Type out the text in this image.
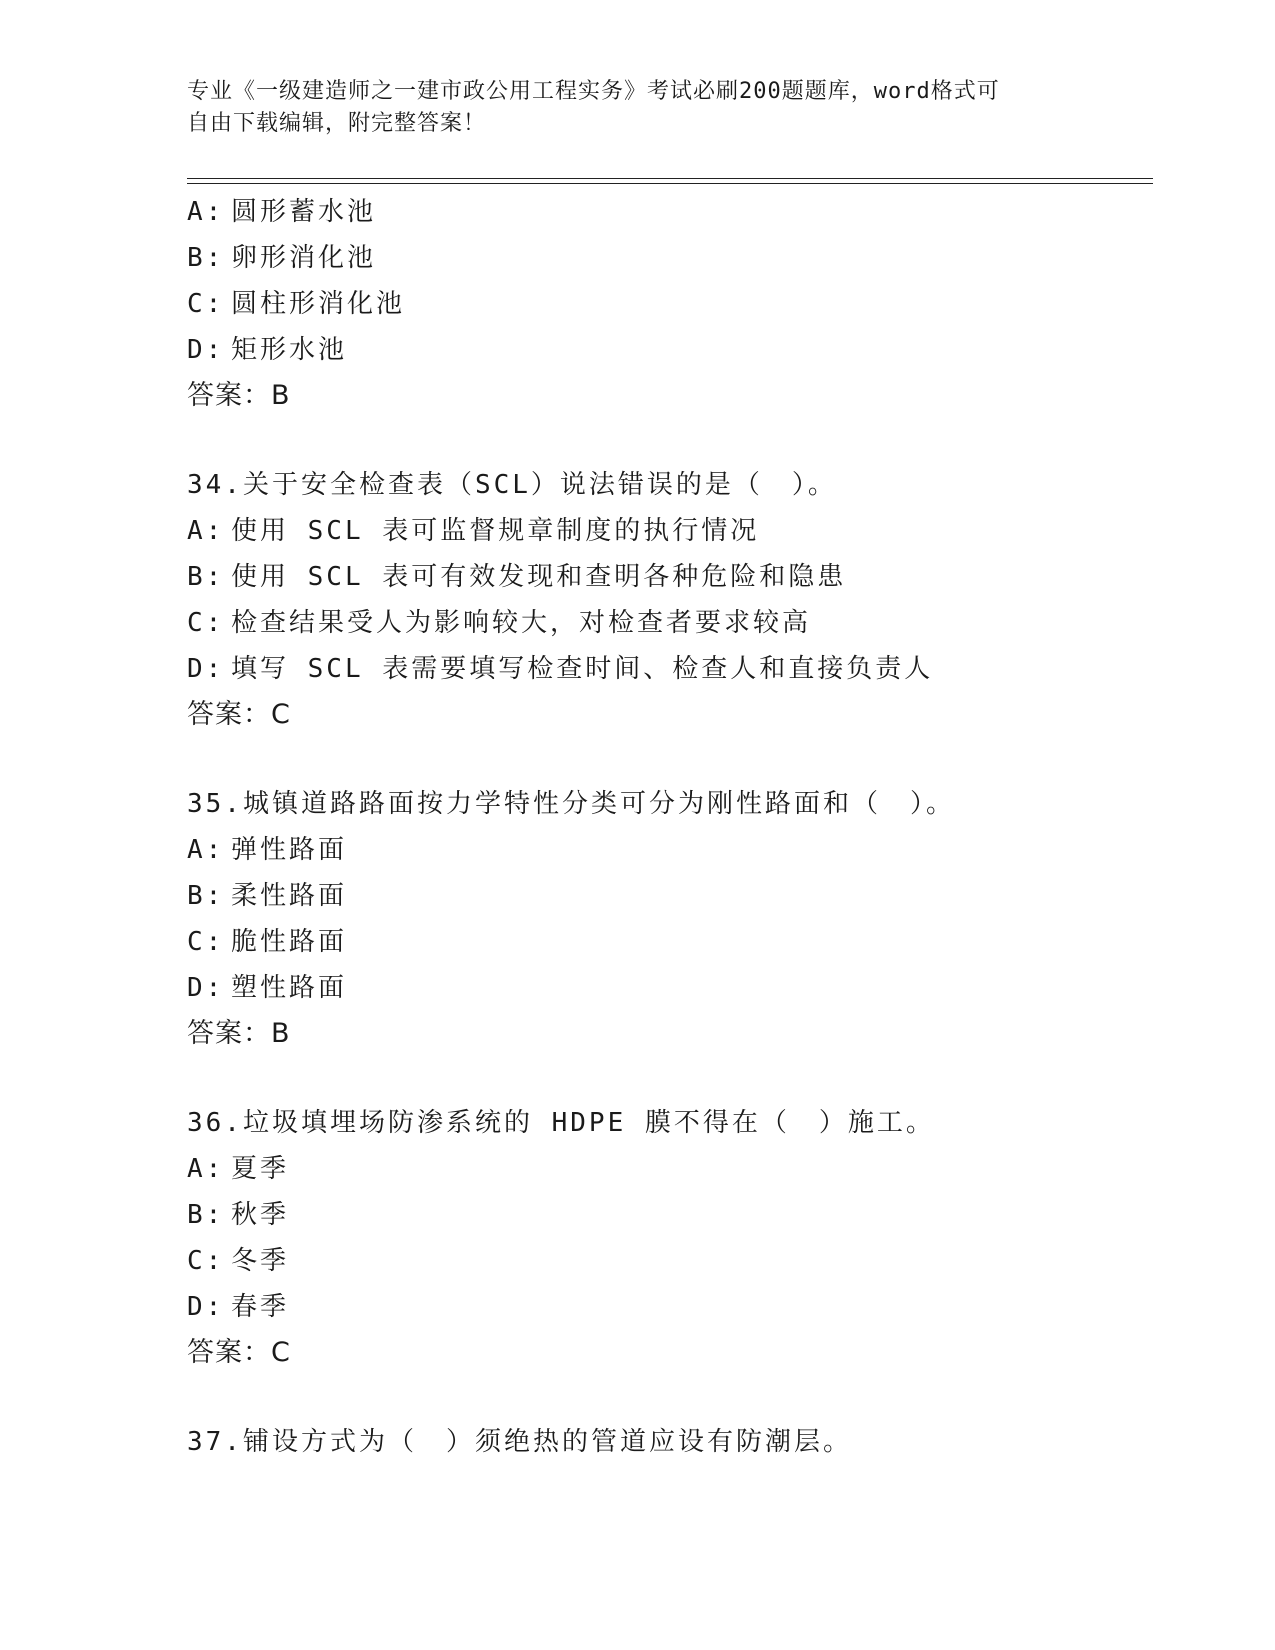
专业《一级建造师之一建市政公用工程实务》考试必刷200题题库，word格式可
自由下载编辑，附完整答案！
A: 圆形蓄水池
B: 卵形消化池
C: 圆柱形消化池
D: 矩形水池
答案：B
34.关于安全检查表（SCL）说法错误的是（　）。
A: 使用 SCL 表可监督规章制度的执行情况
B: 使用 SCL 表可有效发现和查明各种危险和隐患
C: 检查结果受人为影响较大，对检查者要求较高
D: 填写 SCL 表需要填写检查时间、检查人和直接负责人
答案：C
35.城镇道路路面按力学特性分类可分为刚性路面和（　）。
A: 弹性路面
B: 柔性路面
C: 脆性路面
D: 塑性路面
答案：B
36.垃圾填埋场防渗系统的 HDPE 膜不得在（　）施工。
A: 夏季
B: 秋季
C: 冬季
D: 春季
答案：C
37.铺设方式为（　）须绝热的管道应设有防潮层。
